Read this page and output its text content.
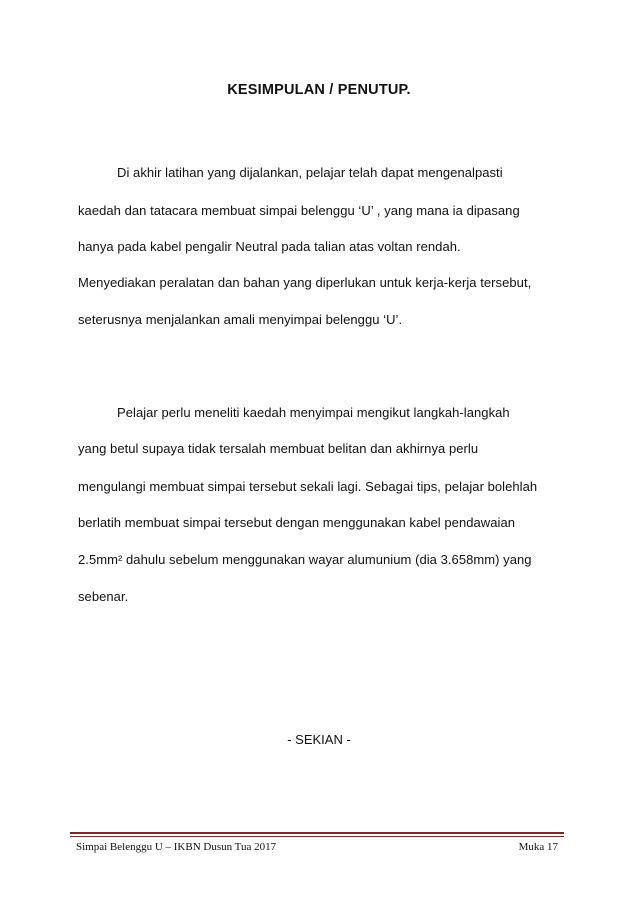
KESIMPULAN / PENUTUP.
Di akhir latihan yang dijalankan, pelajar telah dapat mengenalpasti
kaedah dan tatacara membuat simpai belenggu ‘U’ , yang mana ia dipasang
hanya pada kabel pengalir Neutral pada talian atas voltan rendah.
Menyediakan peralatan dan bahan yang diperlukan untuk kerja-kerja tersebut,
seterusnya menjalankan amali menyimpai belenggu ‘U’.
Pelajar perlu meneliti kaedah menyimpai mengikut langkah-langkah
yang betul supaya tidak tersalah membuat belitan dan akhirnya perlu
mengulangi membuat simpai tersebut sekali lagi. Sebagai tips, pelajar bolehlah
berlatih membuat simpai tersebut dengan menggunakan kabel pendawaian
2.5mm² dahulu sebelum menggunakan wayar alumunium (dia 3.658mm) yang
sebenar.
- SEKIAN -
Simpai Belenggu U – IKBN Dusun Tua 2017	Muka 17
